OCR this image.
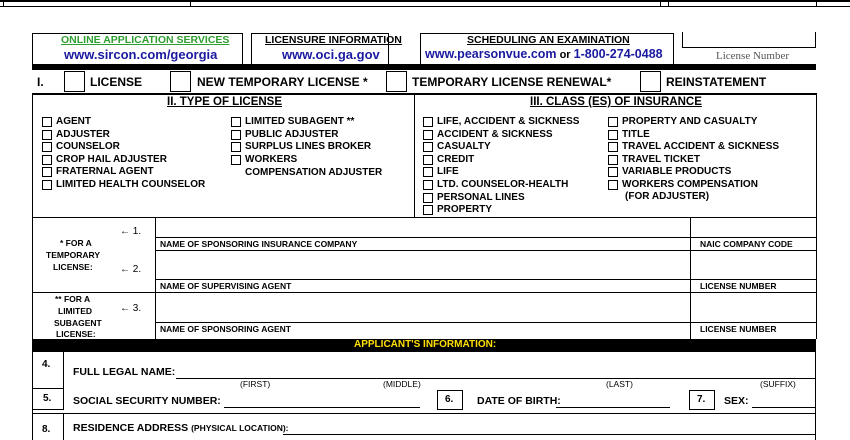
ONLINE APPLICATION SERVICES
www.sircon.com/georgia
LICENSURE INFORMATION
www.oci.ga.gov
SCHEDULING AN EXAMINATION
www.pearsonvue.com or 1-800-274-0488	License Number
I.	LICENSE	NEW TEMPORARY LICENSE *	TEMPORARY LICENSE RENEWAL*	REINSTATEMENT
II. TYPE OF LICENSE
AGENT
ADJUSTER
COUNSELOR
CROP HAIL ADJUSTER
FRATERNAL AGENT
LIMITED HEALTH COUNSELOR
LIMITED SUBAGENT **
PUBLIC ADJUSTER
SURPLUS LINES BROKER
WORKERS
COMPENSATION ADJUSTER
III. CLASS (ES) OF INSURANCE
LIFE, ACCIDENT & SICKNESS
ACCIDENT & SICKNESS
CASUALTY
CREDIT
LIFE
LTD. COUNSELOR-HEALTH
PERSONAL LINES
PROPERTY
PROPERTY AND CASUALTY
TITLE
TRAVEL ACCIDENT & SICKNESS
TRAVEL TICKET
VARIABLE PRODUCTS
WORKERS COMPENSATION
(FOR ADJUSTER)
* FOR A
TEMPORARY
LICENSE:
** FOR A
LIMITED
SUBAGENT
LICENSE:
← 1.
← 2.
← 3.
NAME OF SPONSORING INSURANCE COMPANY	NAIC COMPANY CODE
NAME OF SUPERVISING AGENT	LICENSE NUMBER
NAME OF SPONSORING AGENT	LICENSE NUMBER
APPLICANT'S INFORMATION:
4.
FULL LEGAL NAME:
(FIRST)	(MIDDLE)	(LAST)	(SUFFIX)
5. SOCIAL SECURITY NUMBER:	6. DATE OF BIRTH:	7. SEX:
8. RESIDENCE ADDRESS (PHYSICAL LOCATION):
